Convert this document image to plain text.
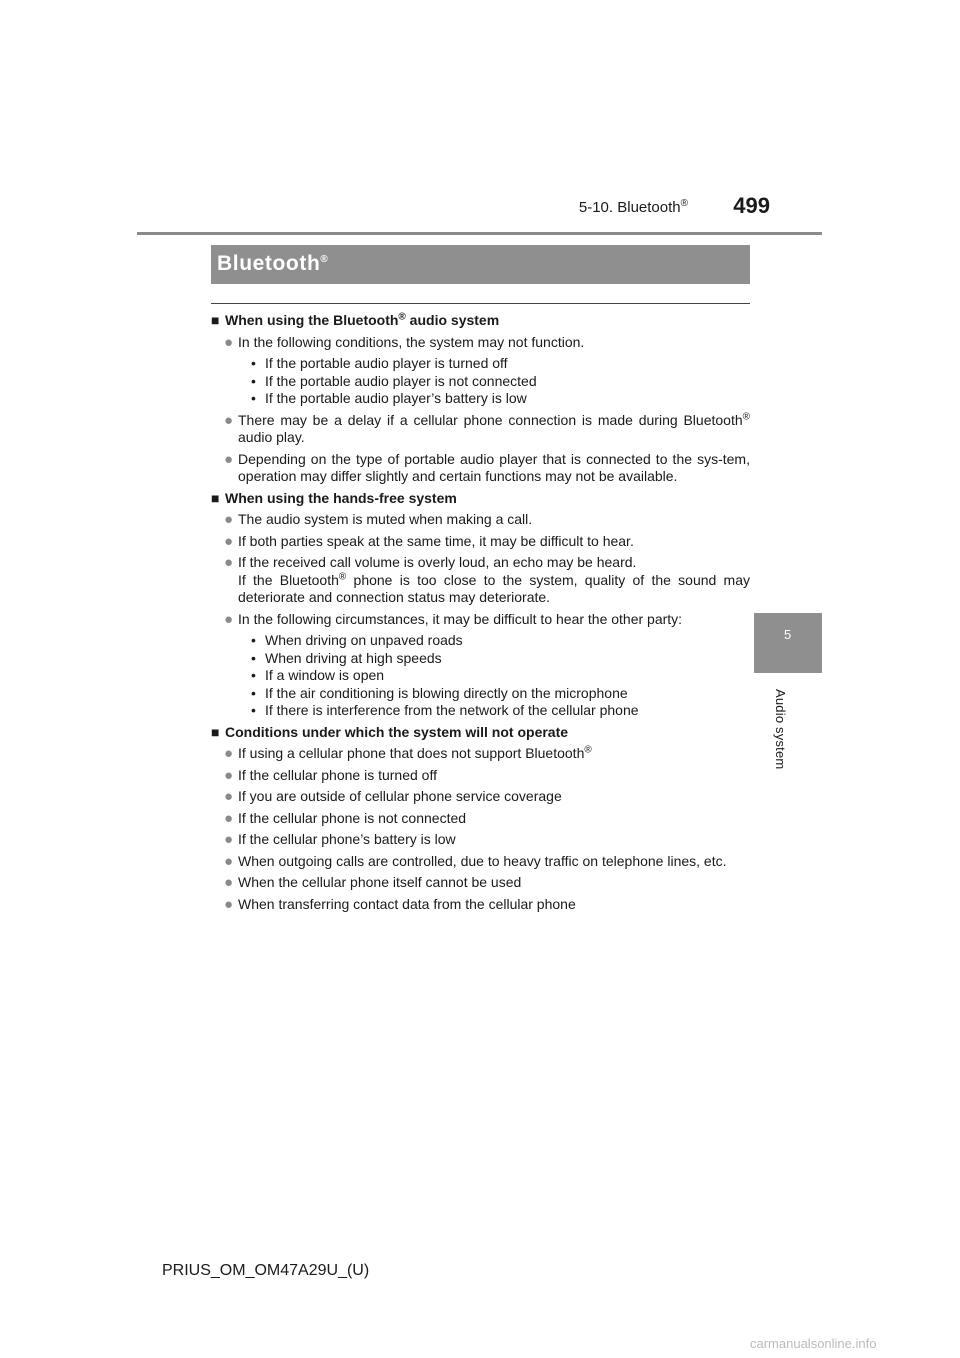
5-10. Bluetooth® 499
5
Audio system
Bluetooth®
■ When using the Bluetooth® audio system
● In the following conditions, the system may not function.
• If the portable audio player is turned off
• If the portable audio player is not connected
• If the portable audio player’s battery is low
● There may be a delay if a cellular phone connection is made during Bluetooth® audio play.
● Depending on the type of portable audio player that is connected to the sys-tem, operation may differ slightly and certain functions may not be available.
■ When using the hands-free system
● The audio system is muted when making a call.
● If both parties speak at the same time, it may be difficult to hear.
● If the received call volume is overly loud, an echo may be heard.
If the Bluetooth® phone is too close to the system, quality of the sound may deteriorate and connection status may deteriorate.
● In the following circumstances, it may be difficult to hear the other party:
• When driving on unpaved roads
• When driving at high speeds
• If a window is open
• If the air conditioning is blowing directly on the microphone
• If there is interference from the network of the cellular phone
■ Conditions under which the system will not operate
● If using a cellular phone that does not support Bluetooth®
● If the cellular phone is turned off
● If you are outside of cellular phone service coverage
● If the cellular phone is not connected
● If the cellular phone’s battery is low
● When outgoing calls are controlled, due to heavy traffic on telephone lines, etc.
● When the cellular phone itself cannot be used
● When transferring contact data from the cellular phone
PRIUS_OM_OM47A29U_(U)
carmanualsonline.info
